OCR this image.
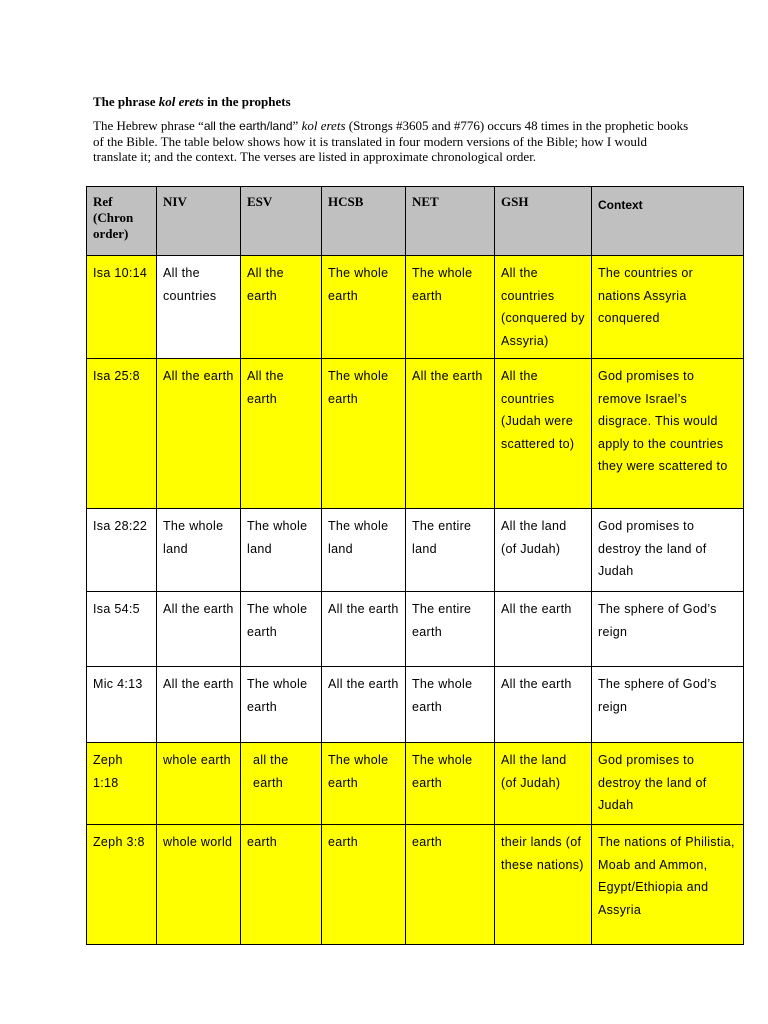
The phrase kol erets in the prophets
The Hebrew phrase “all the earth/land” kol erets (Strongs #3605 and #776) occurs 48 times in the prophetic books of the Bible. The table below shows how it is translated in four modern versions of the Bible; how I would translate it; and the context. The verses are listed in approximate chronological order.
Ref (Chron order)	NIV	ESV	HCSB	NET	GSH	Context
Isa 10:14	All the countries	All the earth	The whole earth	The whole earth	All the countries (conquered by Assyria)	The countries or nations Assyria conquered
Isa 25:8	All the earth	All the earth	The whole earth	All the earth	All the countries (Judah were scattered to)	God promises to remove Israel’s disgrace. This would apply to the countries they were scattered to
Isa 28:22	The whole land	The whole land	The whole land	The entire land	All the land (of Judah)	God promises to destroy the land of Judah
Isa 54:5	All the earth	The whole earth	All the earth	The entire earth	All the earth	The sphere of God’s reign
Mic 4:13	All the earth	The whole earth	All the earth	The whole earth	All the earth	The sphere of God’s reign
Zeph 1:18	whole earth	all the earth	The whole earth	The whole earth	All the land (of Judah)	God promises to destroy the land of Judah
Zeph 3:8	whole world	earth	earth	earth	their lands (of these nations)	The nations of Philistia, Moab and Ammon, Egypt/Ethiopia and Assyria
